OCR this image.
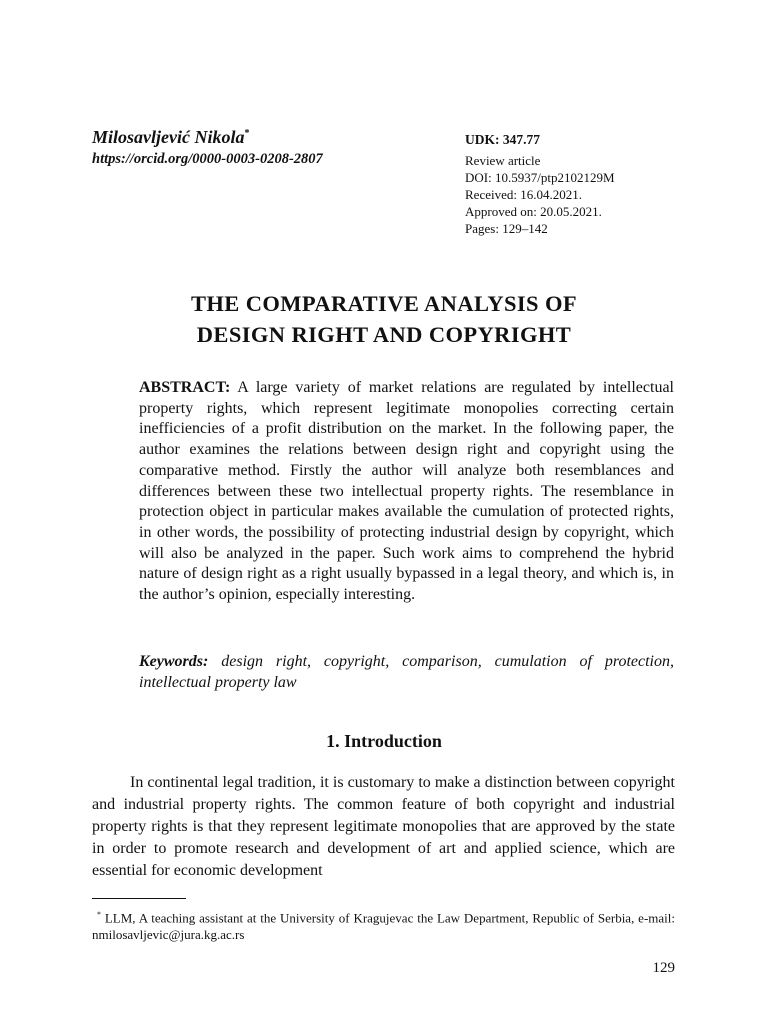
Milosavljević Nikola*
https://orcid.org/0000-0003-0208-2807
UDK: 347.77
Review article
DOI: 10.5937/ptp2102129M
Received: 16.04.2021.
Approved on: 20.05.2021.
Pages: 129–142
THE COMPARATIVE ANALYSIS OF
DESIGN RIGHT AND COPYRIGHT
ABSTRACT: A large variety of market relations are regulated by intellectual property rights, which represent legitimate monopolies correcting certain inefficiencies of a profit distribution on the market. In the following paper, the author examines the relations between design right and copyright using the comparative method. Firstly the author will analyze both resemblances and differences between these two intellectual property rights. The resemblance in protection object in particular makes available the cumulation of protected rights, in other words, the possibility of protecting industrial design by copyright, which will also be analyzed in the paper. Such work aims to comprehend the hybrid nature of design right as a right usually bypassed in a legal theory, and which is, in the author’s opinion, especially interesting.
Keywords: design right, copyright, comparison, cumulation of protection, intellectual property law
1. Introduction
In continental legal tradition, it is customary to make a distinction between copyright and industrial property rights. The common feature of both copyright and industrial property rights is that they represent legitimate monopolies that are approved by the state in order to promote research and development of art and applied science, which are essential for economic development
* LLM, A teaching assistant at the University of Kragujevac the Law Department, Republic of Serbia, e-mail: nmilosavljevic@jura.kg.ac.rs
129
